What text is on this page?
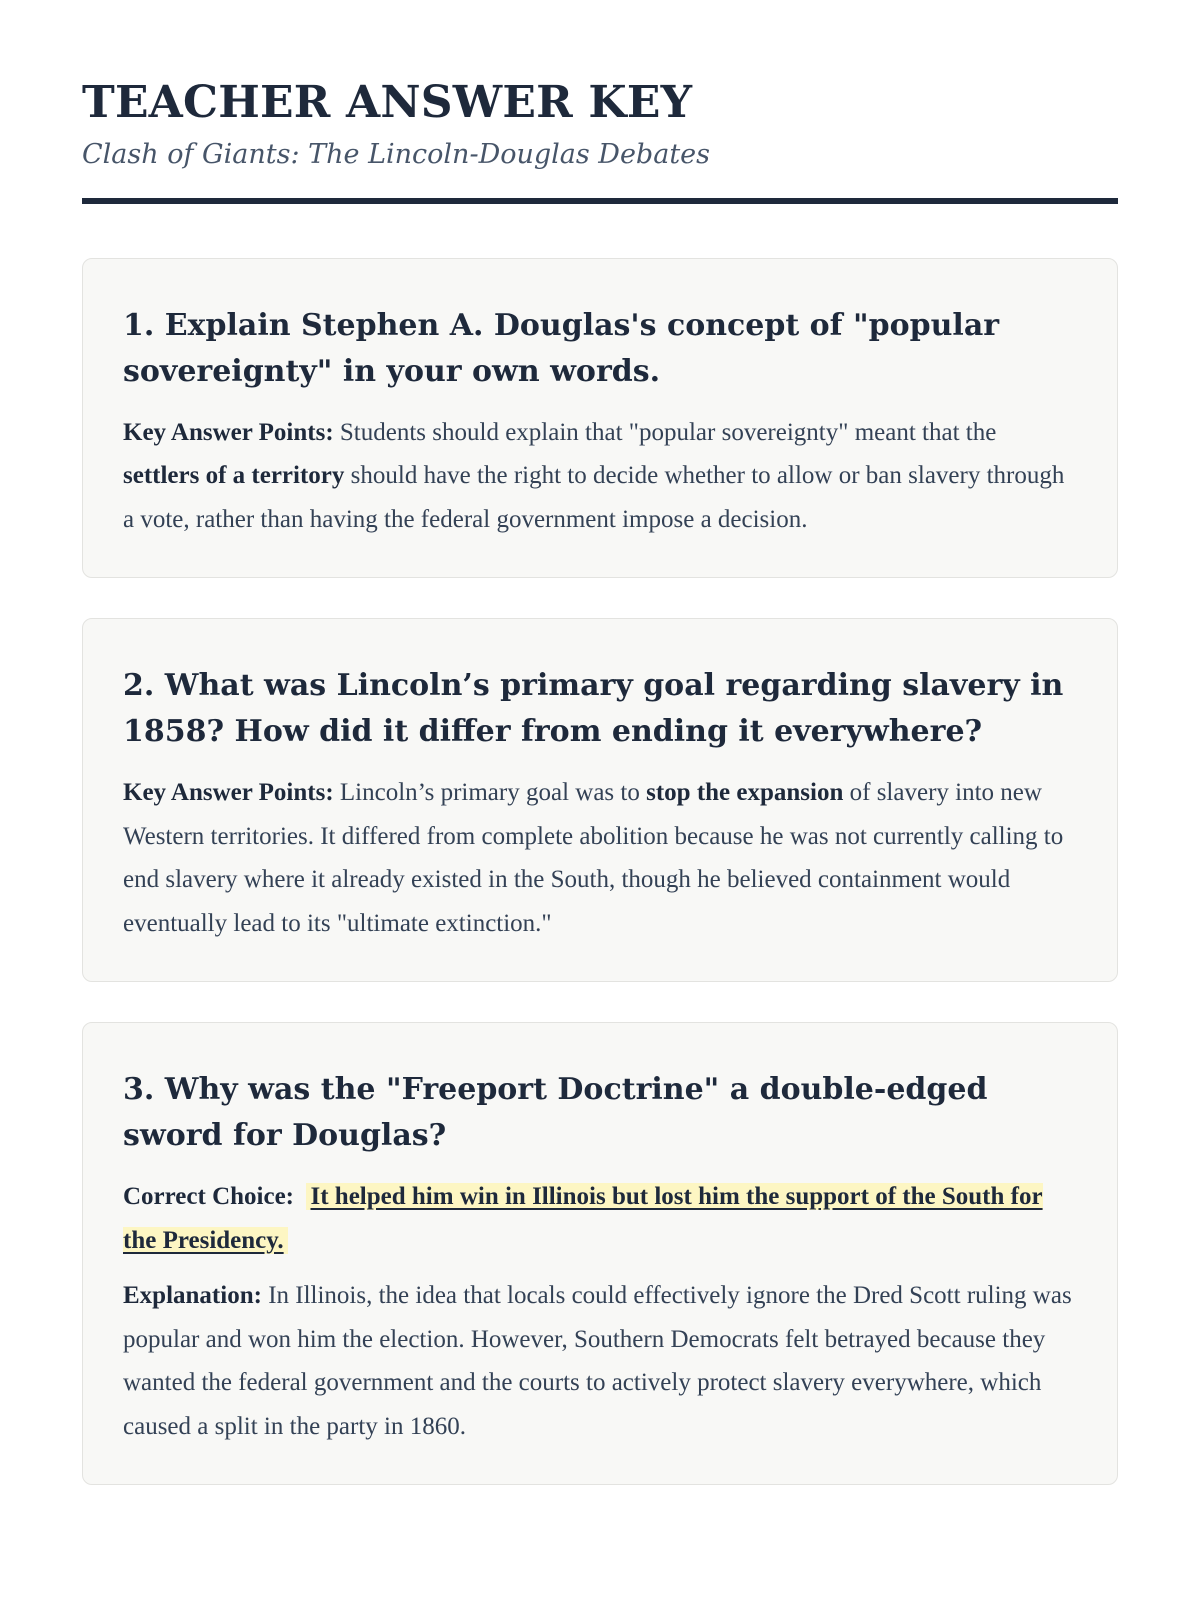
TEACHER ANSWER KEY
Clash of Giants: The Lincoln-Douglas Debates
1. Explain Stephen A. Douglas's concept of "popular sovereignty" in your own words.

Key Answer Points: Students should explain that "popular sovereignty" meant that the settlers of a territory should have the right to decide whether to allow or ban slavery through a vote, rather than having the federal government impose a decision.

2. What was Lincoln’s primary goal regarding slavery in 1858? How did it differ from ending it everywhere?

Key Answer Points: Lincoln’s primary goal was to stop the expansion of slavery into new Western territories. It differed from complete abolition because he was not currently calling to end slavery where it already existed in the South, though he believed containment would eventually lead to its "ultimate extinction."

3. Why was the "Freeport Doctrine" a double-edged sword for Douglas?

Correct Choice: It helped him win in Illinois but lost him the support of the South for the Presidency.

Explanation: In Illinois, the idea that locals could effectively ignore the Dred Scott ruling was popular and won him the election. However, Southern Democrats felt betrayed because they wanted the federal government and the courts to actively protect slavery everywhere, which caused a split in the party in 1860.
